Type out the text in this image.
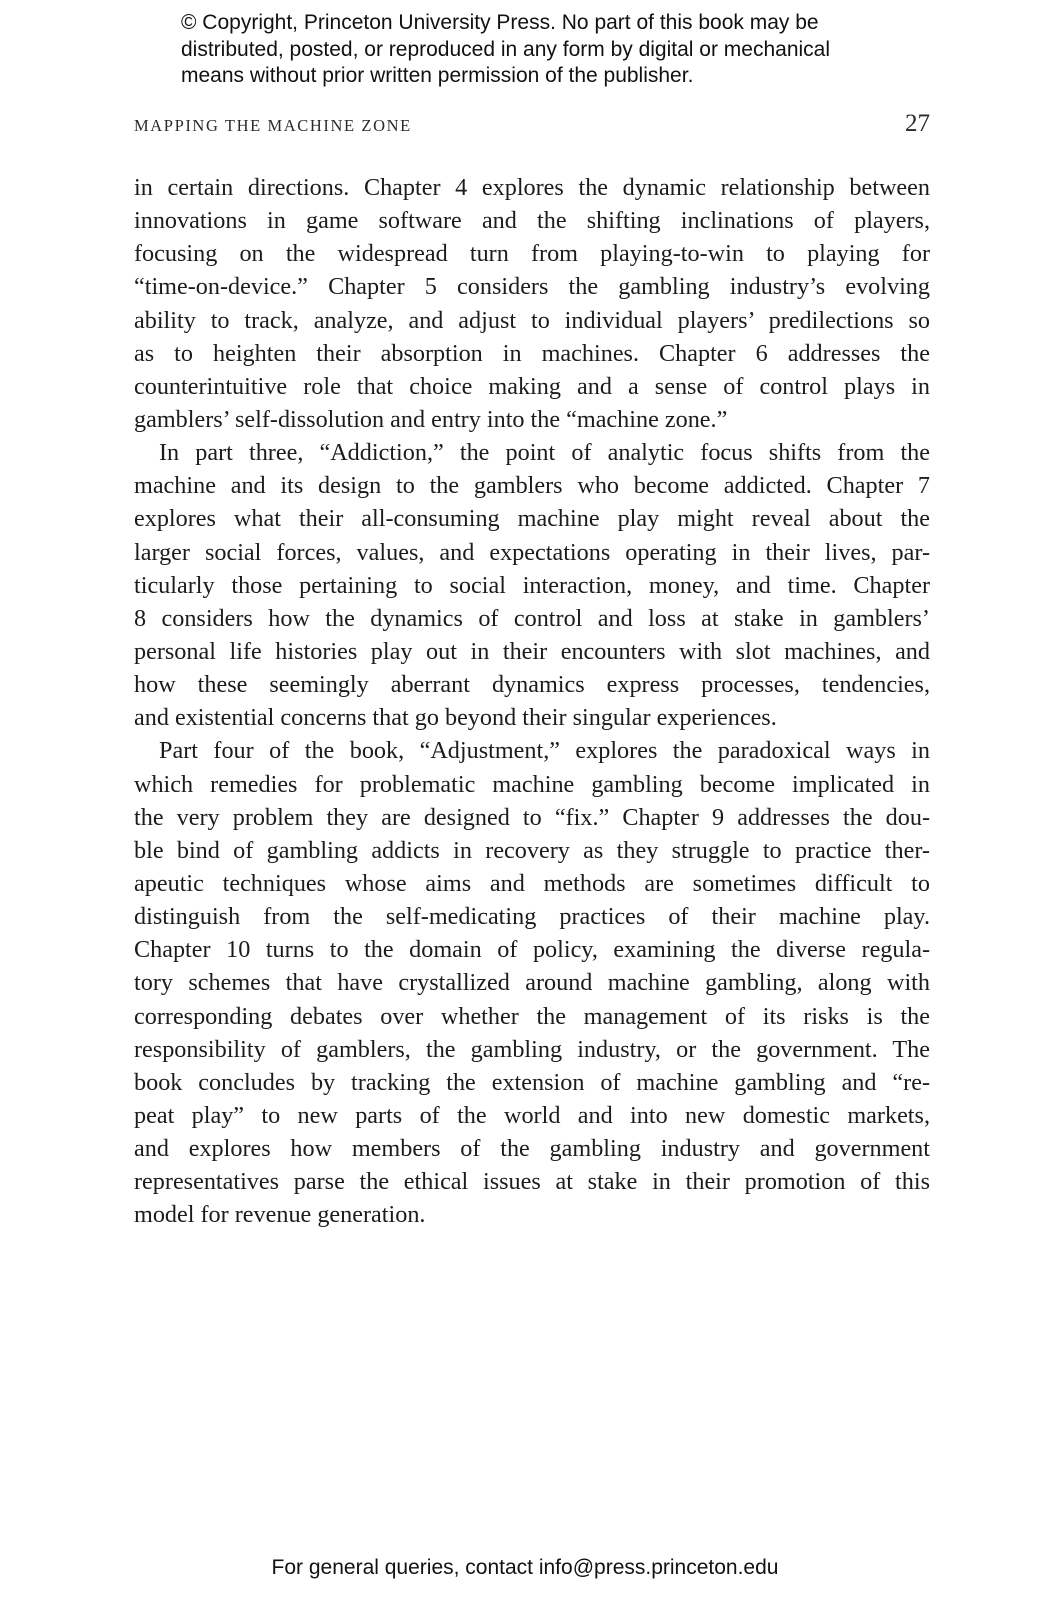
© Copyright, Princeton University Press. No part of this book may be
distributed, posted, or reproduced in any form by digital or mechanical
means without prior written permission of the publisher.
MAPPING THE MACHINE ZONE	27

in certain directions. Chapter 4 explores the dynamic relationship between
innovations in game software and the shifting inclinations of players,
focusing on the widespread turn from playing-to-win to playing for
“time-on-device.” Chapter 5 considers the gambling industry’s evolving
ability to track, analyze, and adjust to individual players’ predilections so
as to heighten their absorption in machines. Chapter 6 addresses the
counterintuitive role that choice making and a sense of control plays in
gamblers’ self-dissolution and entry into the “machine zone.”

In part three, “Addiction,” the point of analytic focus shifts from the
machine and its design to the gamblers who become addicted. Chapter 7
explores what their all-consuming machine play might reveal about the
larger social forces, values, and expectations operating in their lives, par-
ticularly those pertaining to social interaction, money, and time. Chapter
8 considers how the dynamics of control and loss at stake in gamblers’
personal life histories play out in their encounters with slot machines, and
how these seemingly aberrant dynamics express processes, tendencies,
and existential concerns that go beyond their singular experiences.

Part four of the book, “Adjustment,” explores the paradoxical ways in
which remedies for problematic machine gambling become implicated in
the very problem they are designed to “fix.” Chapter 9 addresses the dou-
ble bind of gambling addicts in recovery as they struggle to practice ther-
apeutic techniques whose aims and methods are sometimes difficult to
distinguish from the self-medicating practices of their machine play.
Chapter 10 turns to the domain of policy, examining the diverse regula-
tory schemes that have crystallized around machine gambling, along with
corresponding debates over whether the management of its risks is the
responsibility of gamblers, the gambling industry, or the government. The
book concludes by tracking the extension of machine gambling and “re-
peat play” to new parts of the world and into new domestic markets,
and explores how members of the gambling industry and government
representatives parse the ethical issues at stake in their promotion of this
model for revenue generation.

For general queries, contact info@press.princeton.edu
